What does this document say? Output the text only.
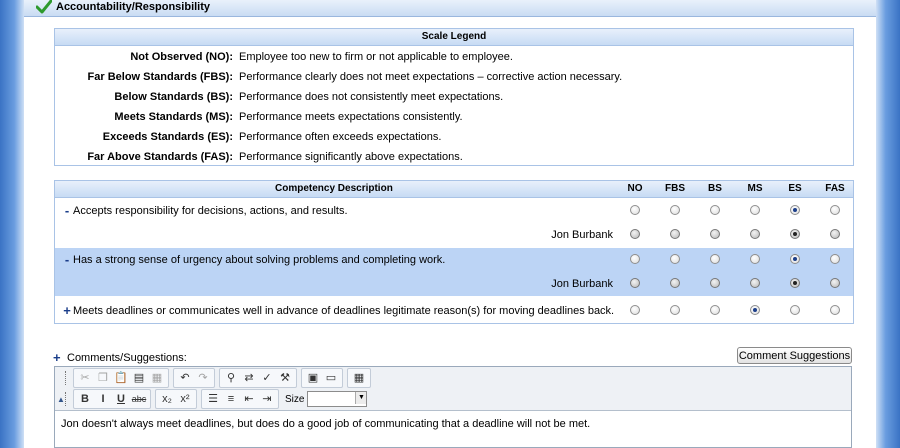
Accountability/Responsibility
Scale Legend
Not Observed (NO): Employee too new to firm or not applicable to employee.
Far Below Standards (FBS): Performance clearly does not meet expectations – corrective action necessary.
Below Standards (BS): Performance does not consistently meet expectations.
Meets Standards (MS): Performance meets expectations consistently.
Exceeds Standards (ES): Performance often exceeds expectations.
Far Above Standards (FAS): Performance significantly above expectations.
Competency Description	NO	FBS	BS	MS	ES	FAS
- Accepts responsibility for decisions, actions, and results.
Jon Burbank
- Has a strong sense of urgency about solving problems and completing work.
Jon Burbank
+ Meets deadlines or communicates well in advance of deadlines legitimate reason(s) for moving deadlines back.
+ Comments/Suggestions:	Comment Suggestions
✂ ❐ 📋 ▤ ▦	↶ ↷	⚲ ⇄ ✓ ⚒	▣ ▭	▦
B	I	U abc	x₂ x²	☰ ≡ ⇤ ⇥	Size	▼
▲
Jon doesn't always meet deadlines, but does do a good job of communicating that a deadline will not be met.
